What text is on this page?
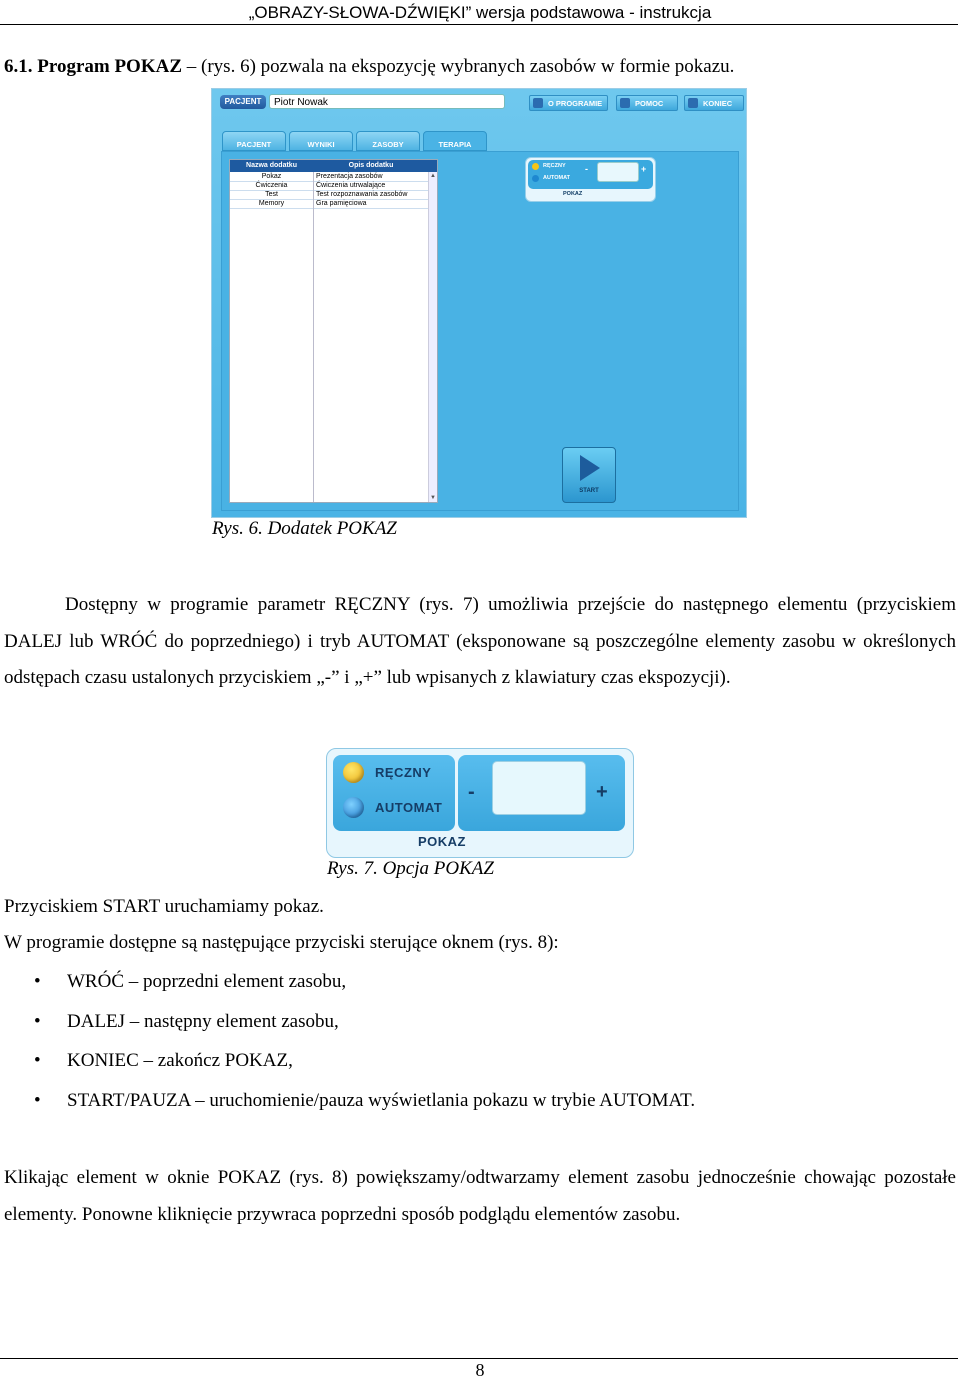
„OBRAZY-SŁOWA-DŹWIĘKI” wersja podstawowa - instrukcja
6.1. Program POKAZ – (rys. 6) pozwala na ekspozycję wybranych zasobów w formie pokazu.
PACJENT	Piotr Nowak	O PROGRAMIE	POMOC	KONIEC
PACJENT	WYNIKI	ZASOBY	TERAPIA
Nazwa dodatku	Opis dodatku
Pokaz	Prezentacja zasobów
Ćwiczenia	Ćwiczenia utrwalające
Test	Test rozpoznawania zasobów
Memory	Gra pamięciowa
▲
▼
RĘCZNY
AUTOMAT
-	+
POKAZ
START
Rys. 6. Dodatek POKAZ
Dostępny w programie parametr RĘCZNY (rys. 7) umożliwia przejście do następnego elementu (przyciskiem DALEJ lub WRÓĆ do poprzedniego) i tryb AUTOMAT (eksponowane są poszczególne elementy zasobu w określonych odstępach czasu ustalonych przyciskiem „-” i „+” lub wpisanych z klawiatury czas ekspozycji).
RĘCZNY
AUTOMAT
-	+
POKAZ
Rys. 7. Opcja POKAZ
Przyciskiem START uruchamiamy pokaz.
W programie dostępne są następujące przyciski sterujące oknem (rys. 8):
• WRÓĆ – poprzedni element zasobu,
• DALEJ – następny element zasobu,
• KONIEC – zakończ POKAZ,
• START/PAUZA – uruchomienie/pauza wyświetlania pokazu w trybie AUTOMAT.
Klikając element w oknie POKAZ (rys. 8) powiększamy/odtwarzamy element zasobu jednocześnie chowając pozostałe elementy. Ponowne kliknięcie przywraca poprzedni sposób podglądu elementów zasobu.
8
